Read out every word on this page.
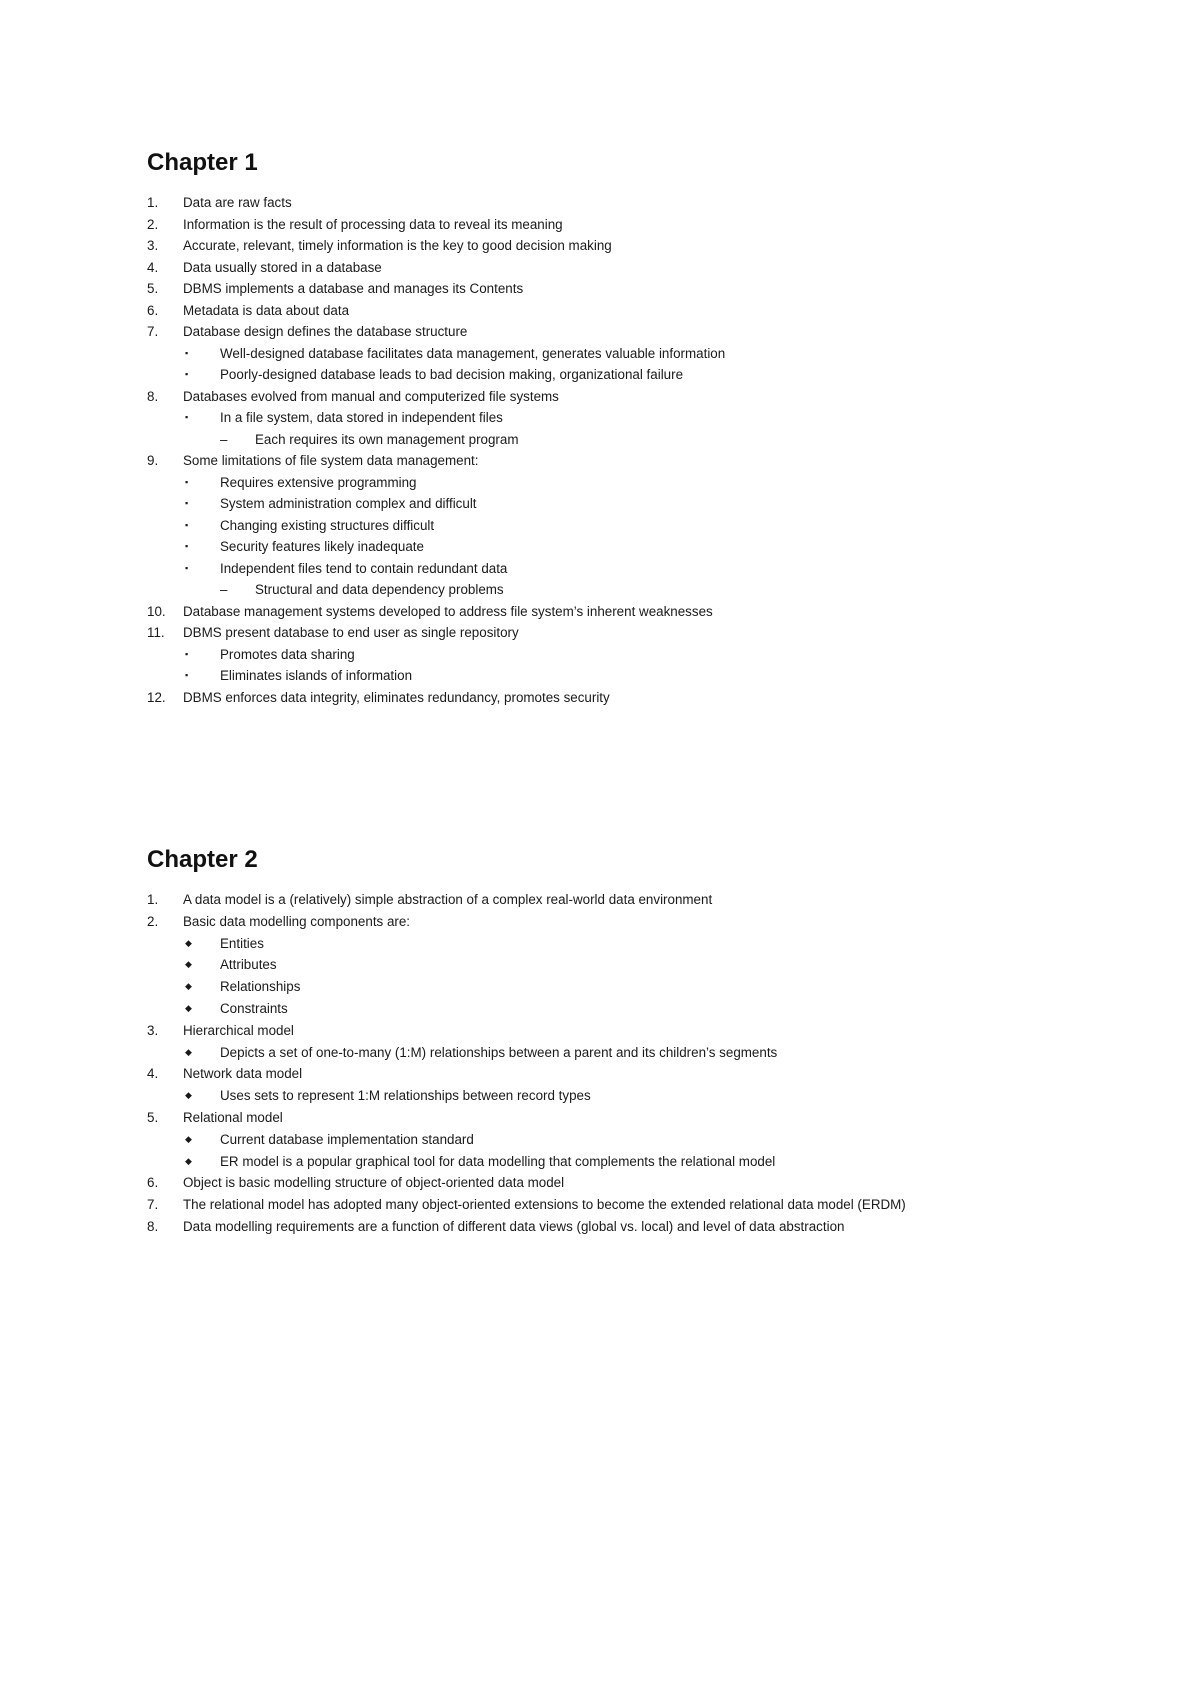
Chapter 1
1.	Data are raw facts
2.	Information is the result of processing data to reveal its meaning
3.	Accurate, relevant, timely information is the key to good decision making
4.	Data usually stored in a database
5.	DBMS implements a database and manages its Contents
6.	Metadata is data about data
7.	Database design defines the database structure
▪	Well-designed database facilitates data management, generates valuable information
▪	Poorly-designed database leads to bad decision making, organizational failure
8.	Databases evolved from manual and computerized file systems
▪	In a file system, data stored in independent files
–	Each requires its own management program
9.	Some limitations of file system data management:
▪	Requires extensive programming
▪	System administration complex and difficult
▪	Changing existing structures difficult
▪	Security features likely inadequate
▪	Independent files tend to contain redundant data
–	Structural and data dependency problems
10.	Database management systems developed to address file system’s inherent weaknesses
11.	DBMS present database to end user as single repository
▪	Promotes data sharing
▪	Eliminates islands of information
12.	DBMS enforces data integrity, eliminates redundancy, promotes security
Chapter 2
1.	A data model is a (relatively) simple abstraction of a complex real-world data environment
2.	Basic data modelling components are:
◆	Entities
◆	Attributes
◆	Relationships
◆	Constraints
3.	Hierarchical model
◆	Depicts a set of one-to-many (1:M) relationships between a parent and its children’s segments
4.	Network data model
◆	Uses sets to represent 1:M relationships between record types
5.	Relational model
◆	Current database implementation standard
◆	ER model is a popular graphical tool for data modelling that complements the relational model
6.	Object is basic modelling structure of object-oriented data model
7.	The relational model has adopted many object-oriented extensions to become the extended relational data model (ERDM)
8.	Data modelling requirements are a function of different data views (global vs. local) and level of data abstraction
